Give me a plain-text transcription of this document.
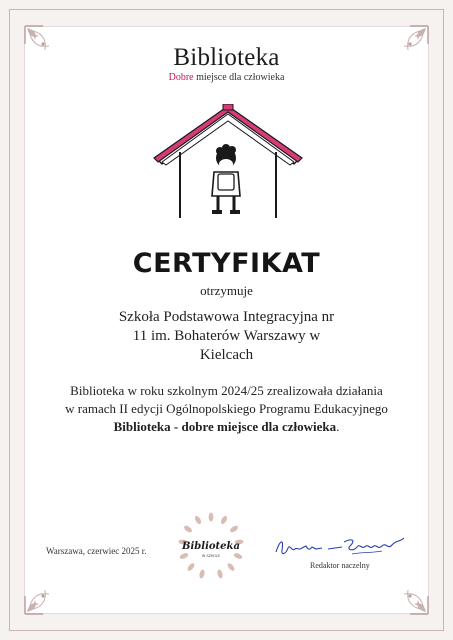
Biblioteka
Dobre miejsce dla człowieka
CERTYFIKAT
otrzymuje
Szkoła Podstawowa Integracyjna nr
11 im. Bohaterów Warszawy w
Kielcach
Biblioteka w roku szkolnym 2024/25 zrealizowała działania
w ramach II edycji Ogólnopolskiego Programu Edukacyjnego
Biblioteka - dobre miejsce dla człowieka.
Warszawa, czerwiec 2025 r.	Biblioteka
W SZKOLE
Redaktor naczelny
